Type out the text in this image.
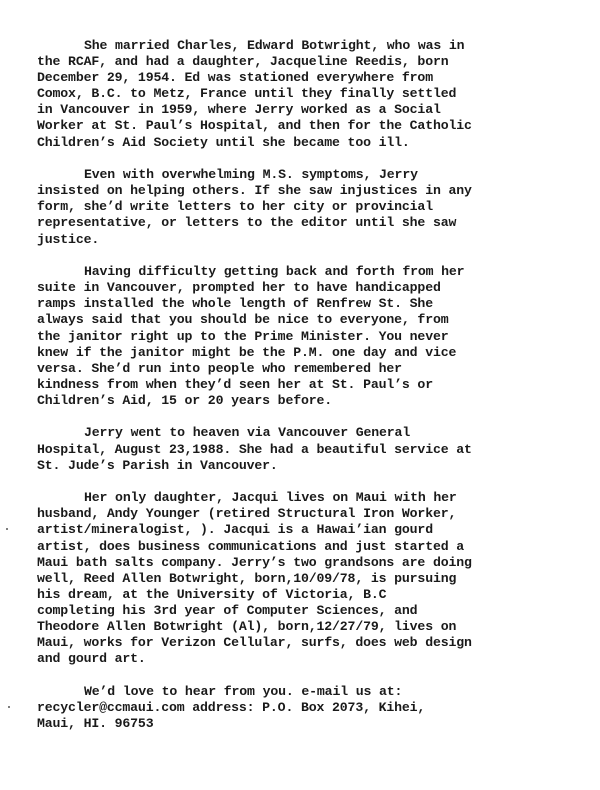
She married Charles, Edward Botwright, who was in
the RCAF, and had a daughter, Jacqueline Reedis, born
December 29, 1954. Ed was stationed everywhere from
Comox, B.C. to Metz, France until they finally settled
in Vancouver in 1959, where Jerry worked as a Social
Worker at St. Paul’s Hospital, and then for the Catholic
Children’s Aid Society until she became too ill.

Even with overwhelming M.S. symptoms, Jerry
insisted on helping others. If she saw injustices in any
form, she’d write letters to her city or provincial
representative, or letters to the editor until she saw
justice.

Having difficulty getting back and forth from her
suite in Vancouver, prompted her to have handicapped
ramps installed the whole length of Renfrew St. She
always said that you should be nice to everyone, from
the janitor right up to the Prime Minister. You never
knew if the janitor might be the P.M. one day and vice
versa. She’d run into people who remembered her
kindness from when they’d seen her at St. Paul’s or
Children’s Aid, 15 or 20 years before.

Jerry went to heaven via Vancouver General
Hospital, August 23,1988. She had a beautiful service at
St. Jude’s Parish in Vancouver.

Her only daughter, Jacqui lives on Maui with her
husband, Andy Younger (retired Structural Iron Worker,
artist/mineralogist, ). Jacqui is a Hawai’ian gourd
artist, does business communications and just started a
Maui bath salts company. Jerry’s two grandsons are doing
well, Reed Allen Botwright, born,10/09/78, is pursuing
his dream, at the University of Victoria, B.C
completing his 3rd year of Computer Sciences, and
Theodore Allen Botwright (Al), born,12/27/79, lives on
Maui, works for Verizon Cellular, surfs, does web design
and gourd art.

We’d love to hear from you. e-mail us at:
recycler@ccmaui.com address: P.O. Box 2073, Kihei,
Maui, HI. 96753
